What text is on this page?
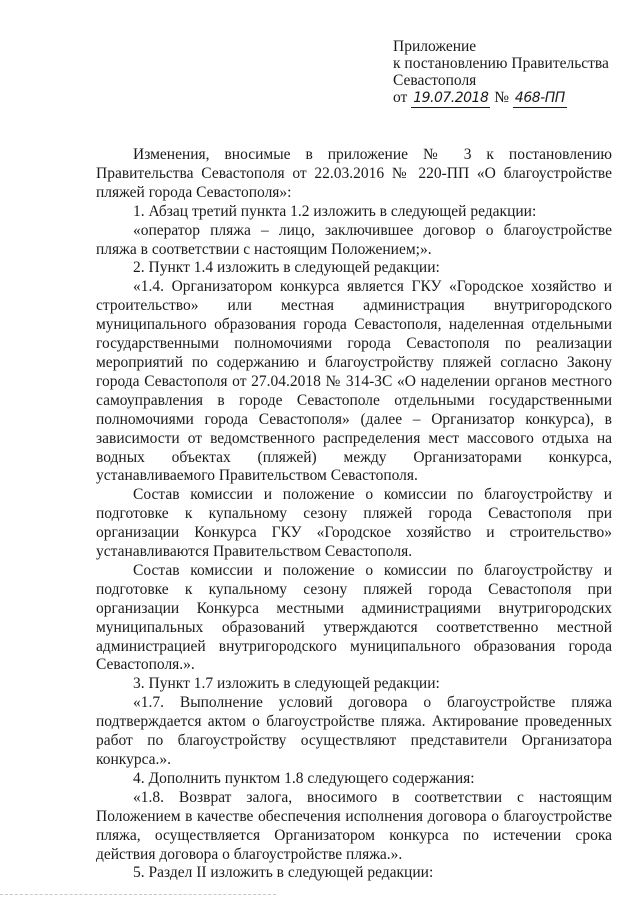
Приложение
к постановлению Правительства
Севастополя
от 19.07.2018 № 468-ПП

Изменения, вносимые в приложение № 3 к постановлению Правительства Севастополя от 22.03.2016 № 220-ПП «О благоустройстве пляжей города Севастополя»:

1. Абзац третий пункта 1.2 изложить в следующей редакции:

«оператор пляжа – лицо, заключившее договор о благоустройстве пляжа в соответствии с настоящим Положением;».

2. Пункт 1.4 изложить в следующей редакции:

«1.4. Организатором конкурса является ГКУ «Городское хозяйство и строительство» или местная администрация внутригородского муниципального образования города Севастополя, наделенная отдельными государственными полномочиями города Севастополя по реализации мероприятий по содержанию и благоустройству пляжей согласно Закону города Севастополя от 27.04.2018 № 314-ЗС «О наделении органов местного самоуправления в городе Севастополе отдельными государственными полномочиями города Севастополя» (далее – Организатор конкурса), в зависимости от ведомственного распределения мест массового отдыха на водных объектах (пляжей) между Организаторами конкурса, устанавливаемого Правительством Севастополя.

Состав комиссии и положение о комиссии по благоустройству и подготовке к купальному сезону пляжей города Севастополя при организации Конкурса ГКУ «Городское хозяйство и строительство» устанавливаются Правительством Севастополя.

Состав комиссии и положение о комиссии по благоустройству и подготовке к купальному сезону пляжей города Севастополя при организации Конкурса местными администрациями внутригородских муниципальных образований утверждаются соответственно местной администрацией внутригородского муниципального образования города Севастополя.».

3. Пункт 1.7 изложить в следующей редакции:

«1.7. Выполнение условий договора о благоустройстве пляжа подтверждается актом о благоустройстве пляжа. Актирование проведенных работ по благоустройству осуществляют представители Организатора конкурса.».

4. Дополнить пунктом 1.8 следующего содержания:

«1.8. Возврат залога, вносимого в соответствии с настоящим Положением в качестве обеспечения исполнения договора о благоустройстве пляжа, осуществляется Организатором конкурса по истечении срока действия договора о благоустройстве пляжа.».

5. Раздел II изложить в следующей редакции:
